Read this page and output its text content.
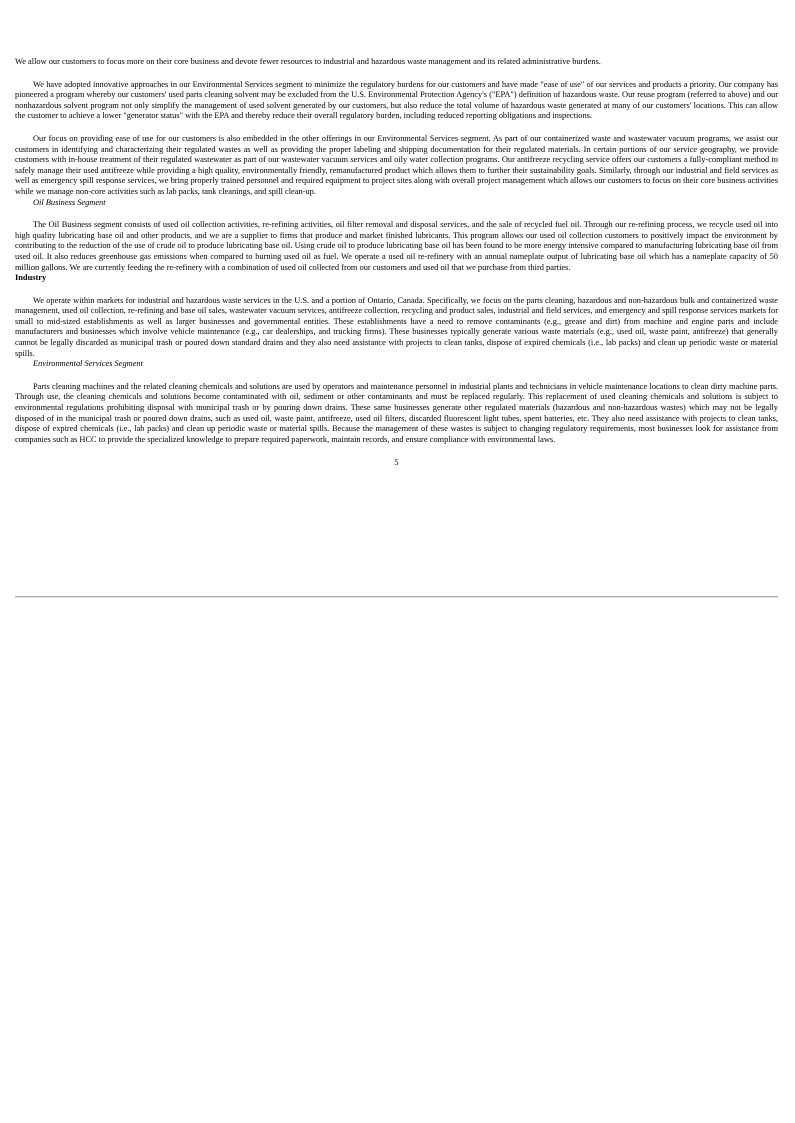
We allow our customers to focus more on their core business and devote fewer resources to industrial and hazardous waste management and its related administrative burdens.

We have adopted innovative approaches in our Environmental Services segment to minimize the regulatory burdens for our customers and have made "ease of use" of our services and products a priority. Our company has pioneered a program whereby our customers' used parts cleaning solvent may be excluded from the U.S. Environmental Protection Agency's ("EPA") definition of hazardous waste. Our reuse program (referred to above) and our nonhazardous solvent program not only simplify the management of used solvent generated by our customers, but also reduce the total volume of hazardous waste generated at many of our customers' locations. This can allow the customer to achieve a lower "generator status" with the EPA and thereby reduce their overall regulatory burden, including reduced reporting obligations and inspections.

Our focus on providing ease of use for our customers is also embedded in the other offerings in our Environmental Services segment. As part of our containerized waste and wastewater vacuum programs, we assist our customers in identifying and characterizing their regulated wastes as well as providing the proper labeling and shipping documentation for their regulated materials. In certain portions of our service geography, we provide customers with in-house treatment of their regulated wastewater as part of our wastewater vacuum services and oily water collection programs. Our antifreeze recycling service offers our customers a fully-compliant method to safely manage their used antifreeze while providing a high quality, environmentally friendly, remanufactured product which allows them to further their sustainability goals. Similarly, through our industrial and field services as well as emergency spill response services, we bring properly trained personnel and required equipment to project sites along with overall project management which allows our customers to focus on their core business activities while we manage non-core activities such as lab packs, tank cleanings, and spill clean-up.

Oil Business Segment

The Oil Business segment consists of used oil collection activities, re-refining activities, oil filter removal and disposal services, and the sale of recycled fuel oil. Through our re-refining process, we recycle used oil into high quality lubricating base oil and other products, and we are a supplier to firms that produce and market finished lubricants. This program allows our used oil collection customers to positively impact the environment by contributing to the reduction of the use of crude oil to produce lubricating base oil. Using crude oil to produce lubricating base oil has been found to be more energy intensive compared to manufacturing lubricating base oil from used oil. It also reduces greenhouse gas emissions when compared to burning used oil as fuel. We operate a used oil re-refinery with an annual nameplate output of lubricating base oil which has a nameplate capacity of 50 million gallons. We are currently feeding the re-refinery with a combination of used oil collected from our customers and used oil that we purchase from third parties.

Industry

We operate within markets for industrial and hazardous waste services in the U.S. and a portion of Ontario, Canada. Specifically, we focus on the parts cleaning, hazardous and non-hazardous bulk and containerized waste management, used oil collection, re-refining and base oil sales, wastewater vacuum services, antifreeze collection, recycling and product sales, industrial and field services, and emergency and spill response services markets for small to mid-sized establishments as well as larger businesses and governmental entities. These establishments have a need to remove contaminants (e.g., grease and dirt) from machine and engine parts and include manufacturers and businesses which involve vehicle maintenance (e.g., car dealerships, and trucking firms). These businesses typically generate various waste materials (e.g., used oil, waste paint, antifreeze) that generally cannot be legally discarded as municipal trash or poured down standard drains and they also need assistance with projects to clean tanks, dispose of expired chemicals (i.e., lab packs) and clean up periodic waste or material spills.

Environmental Services Segment

Parts cleaning machines and the related cleaning chemicals and solutions are used by operators and maintenance personnel in industrial plants and technicians in vehicle maintenance locations to clean dirty machine parts. Through use, the cleaning chemicals and solutions become contaminated with oil, sediment or other contaminants and must be replaced regularly. This replacement of used cleaning chemicals and solutions is subject to environmental regulations prohibiting disposal with municipal trash or by pouring down drains. These same businesses generate other regulated materials (hazardous and non-hazardous wastes) which may not be legally disposed of in the municipal trash or poured down drains, such as used oil, waste paint, antifreeze, used oil filters, discarded fluorescent light tubes, spent batteries, etc. They also need assistance with projects to clean tanks, dispose of expired chemicals (i.e., lab packs) and clean up periodic waste or material spills. Because the management of these wastes is subject to changing regulatory requirements, most businesses look for assistance from companies such as HCC to provide the specialized knowledge to prepare required paperwork, maintain records, and ensure compliance with environmental laws.

5
